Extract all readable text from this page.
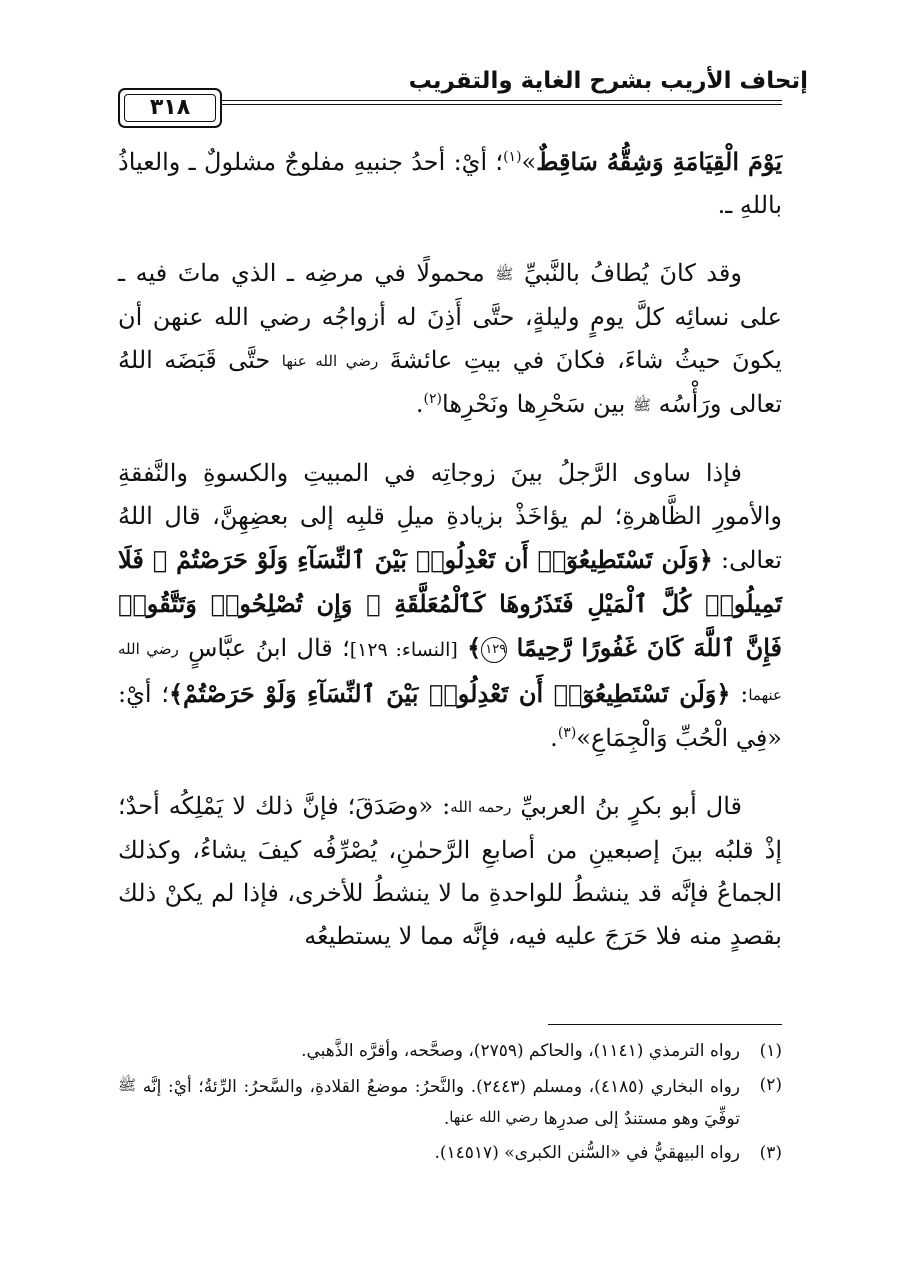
إتحاف الأريب بشرح الغاية والتقريب
٣١٨

يَوْمَ الْقِيَامَةِ وَشِقُّهُ سَاقِطٌ»$^{(١)}$؛ أيْ: أحدُ جنبيهِ مفلوجٌ مشلولٌ ـ والعياذُ باللهِ ـ.

وقد كانَ يُطافُ بالنَّبيِّ ﷺ محمولًا في مرضِه ـ الذي ماتَ فيه ـ على نسائِه كلَّ يومٍ وليلةٍ، حتَّى أَذِنَ له أزواجُه رضي الله عنهن أن يكونَ حيثُ شاءَ، فكانَ في بيتِ عائشةَ رضي الله عنها حتَّى قَبَضَه اللهُ تعالى ورَأْسُه ﷺ بين سَحْرِها ونَحْرِها$^{(٢)}$.

فإذا ساوى الرَّجلُ بينَ زوجاتِه في المبيتِ والكسوةِ والنَّفقةِ والأمورِ الظَّاهرةِ؛ لم يؤاخَذْ بزيادةِ ميلِ قلبِه إلى بعضِهِنَّ، قال اللهُ تعالى: ﴿وَلَن تَسْتَطِيعُوٓا۟ أَن تَعْدِلُوا۟ بَيْنَ ٱلنِّسَآءِ وَلَوْ حَرَصْتُمْ ۖ فَلَا تَمِيلُوا۟ كُلَّ ٱلْمَيْلِ فَتَذَرُوهَا كَٱلْمُعَلَّقَةِ ۚ وَإِن تُصْلِحُوا۟ وَتَتَّقُوا۟ فَإِنَّ ٱللَّهَ كَانَ غَفُورًا رَّحِيمًا ١٢٩﴾ [النساء: ١٢٩]؛ قال ابنُ عبَّاسٍ رضي الله عنهما: ﴿وَلَن تَسْتَطِيعُوٓا۟ أَن تَعْدِلُوا۟ بَيْنَ ٱلنِّسَآءِ وَلَوْ حَرَصْتُمْ﴾؛ أيْ: «فِي الْحُبِّ وَالْجِمَاعِ»$^{(٣)}$.

قال أبو بكرٍ بنُ العربيِّ رحمه الله: «وصَدَقَ؛ فإنَّ ذلك لا يَمْلِكُه أحدٌ؛ إذْ قلبُه بينَ إصبعينِ من أصابعِ الرَّحمٰنِ، يُصْرِّفُه كيفَ يشاءُ، وكذلك الجماعُ فإنَّه قد ينشطُ للواحدةِ ما لا ينشطُ للأخرى، فإذا لم يكنْ ذلك بقصدٍ منه فلا حَرَجَ عليه فيه، فإنَّه مما لا يستطيعُه

(١)
رواه الترمذي (١١٤١)، والحاكم (٢٧٥٩)، وصحَّحه، وأقرَّه الذَّهبي.
(٢)
رواه البخاري (٤١٨٥)، ومسلم (٢٤٤٣). والنَّحرُ: موضعُ القلادةِ، والسَّحرُ: الرِّئةُ؛ أيْ: إنَّه ﷺ توفِّيَ وهو مستندٌ إلى صدرِها رضي الله عنها.
(٣)
رواه البيهقيُّ في «السُّنن الكبرى» (١٤٥١٧).
